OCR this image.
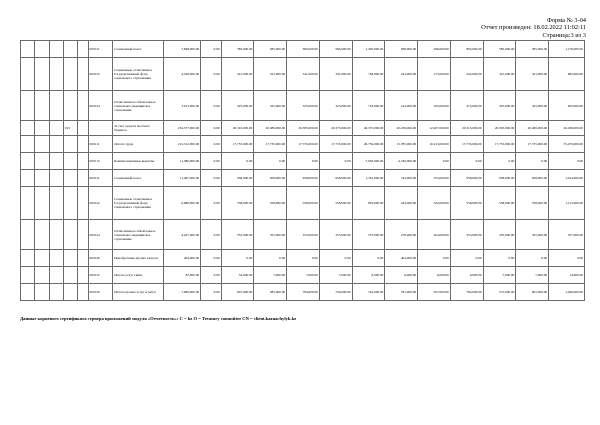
Форма № 3-04
Отчет произведен: 18.02.2022 11:02:11
Страница:3 из 3
					000121	Социальный налог	7,848,000.00	0.00	585,000.00	585,000.00	585,000.00	585,000.00	1,295,000.00	568,000.00	296,000.00	803,000.00	585,000.00	585,000.00	1,178,000.00
					000122	Социальные отчисления в Государственный фонд социального страхования	4,196,000.00	0.00	341,000.00	341,000.00	341,000.00	341,000.00	758,000.00	224,000.00	173,000.00	224,000.00	341,000.00	341,000.00	683,000.00
					000124	Отчисления на обязательное социальное медицинское страхование	3,913,000.00	0.00	325,000.00	325,000.00	325,000.00	325,000.00	718,000.00	214,000.00	165,000.00	213,000.00	325,000.00	325,000.00	650,000.00
			015			За счет средств местного бюджета	234,577,000.00	0.00	20,310,000.00	20,389,000.00	20,385,000.00	20,375,000.00	40,375,000.00	20,236,000.00	12,207,000.00	20,315,000.00	20,393,000.00	20,499,000.00	40,186,000.00
					000111	Оплата труда	212,312,000.00	0.00	17,735,000.00	17,735,000.00	17,735,000.00	17,735,000.00	26,759,000.00	15,785,000.00	10,213,000.00	17,735,000.00	17,735,000.00	17,735,000.00	35,470,000.00
					000113	Компенсационные выплаты	11,380,000.00	0.00	0.00	0.00	0.00	0.00	7,050,000.00	4,330,000.00	0.00	0.00	0.00	0.00	0.00
					000121	Социальный налог	11,467,000.00	0.00	958,000.00	958,000.00	958,000.00	958,000.00	1,352,000.00	744,000.00	553,000.00	958,000.00	958,000.00	958,000.00	1,914,000.00
					000122	Социальные отчисления в Государственный фонд социального страхования	6,688,000.00	0.00	558,000.00	558,000.00	558,000.00	558,000.00	803,000.00	434,000.00	322,000.00	558,000.00	558,000.00	558,000.00	1,115,000.00
					000124	Отчисления на обязательное социальное медицинское страхование	4,247,000.00	0.00	355,000.00	355,000.00	355,000.00	355,000.00	573,000.00	278,000.00	204,000.00	353,000.00	355,000.00	355,000.00	707,000.00
					000149	Приобретение прочих запасов	404,000.00	0.00	0.00	0.00	0.00	0.00	0.00	404,000.00	0.00	0.00	0.00	0.00	0.00
					000152	Оплата услуг связи	87,000.00	0.00	34,000.00	7,000.00	7,000.00	7,000.00	6,000.00	6,000.00	6,000.00	6,000.00	7,000.00	7,000.00	14,000.00
					000159	Оплата прочих услуг и работ	7,969,000.00	0.00	697,000.00	585,000.00	784,000.00	759,000.00	744,000.00	781,000.00	507,000.00	782,000.00	575,000.00	605,000.00	1,040,000.00
Данные корневого сертификата сервера приложений модуля «Отчетность»: C = kz O = Treasury committee CN = client.kaznachylyk.kz
